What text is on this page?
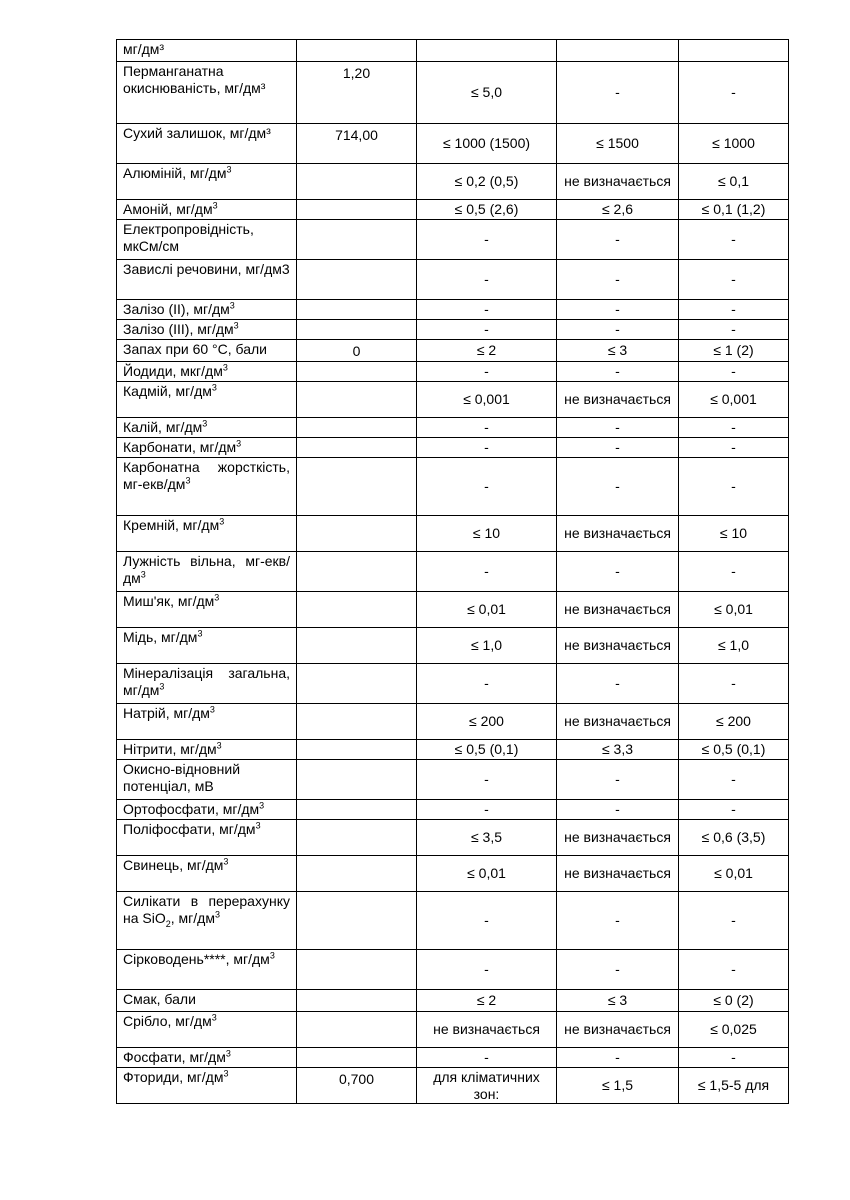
мг/дм³				
Перманганатна окиснюваність, мг/дм³	1,20	≤ 5,0	-	-
Сухий залишок, мг/дм³	714,00	≤ 1000 (1500)	≤ 1500	≤ 1000
Алюміній, $мг/дм^3$		≤ 0,2 (0,5)	не визначається	≤ 0,1
Амоній, $мг/дм^3$		≤ 0,5 (2,6)	≤ 2,6	≤ 0,1 (1,2)
Електропровідність, мкСм/см		-	-	-
Завислі речовини, мг/дм3		-	-	-
Залізо (ІІ), $мг/дм^3$		-	-	-
Залізо (ІІІ), $мг/дм^3$		-	-	-
Запах при 60 °С, бали	0	≤ 2	≤ 3	≤ 1 (2)
Йодиди, мкг/$дм^3$		-	-	-
Кадмій, $мг/дм^3$		≤ 0,001	не визначається	≤ 0,001
Калій, $мг/дм^3$		-	-	-
Карбонати, $мг/дм^3$		-	-	-
Карбонатна жорсткість, $мг-екв/дм^3$		-	-	-
Кремній, $мг/дм^3$		≤ 10	не визначається	≤ 10
Лужність вільна, $мг-екв/дм^3$		-	-	-
Миш'як, $мг/дм^3$		≤ 0,01	не визначається	≤ 0,01
Мідь, $мг/дм^3$		≤ 1,0	не визначається	≤ 1,0
Мінералізація загальна, $мг/дм^3$		-	-	-
Натрій, $мг/дм^3$		≤ 200	не визначається	≤ 200
Нітрити, $мг/дм^3$		≤ 0,5 (0,1)	≤ 3,3	≤ 0,5 (0,1)
Окисно-відновний потенціал, мВ		-	-	-
Ортофосфати, $мг/дм^3$		-	-	-
Поліфосфати, $мг/дм^3$		≤ 3,5	не визначається	≤ 0,6 (3,5)
Свинець, $мг/дм^3$		≤ 0,01	не визначається	≤ 0,01
Силікати в перерахунку на SiO$_2$, $мг/дм^3$		-	-	-
Сірководень****, $мг/дм^3$		-	-	-
Смак, бали		≤ 2	≤ 3	≤ 0 (2)
Срібло, $мг/дм^3$		не визначається	не визначається	≤ 0,025
Фосфати, $мг/дм^3$		-	-	-
Фториди, $мг/дм^3$	0,700	для кліматичних зон:	≤ 1,5	≤ 1,5-5 для
